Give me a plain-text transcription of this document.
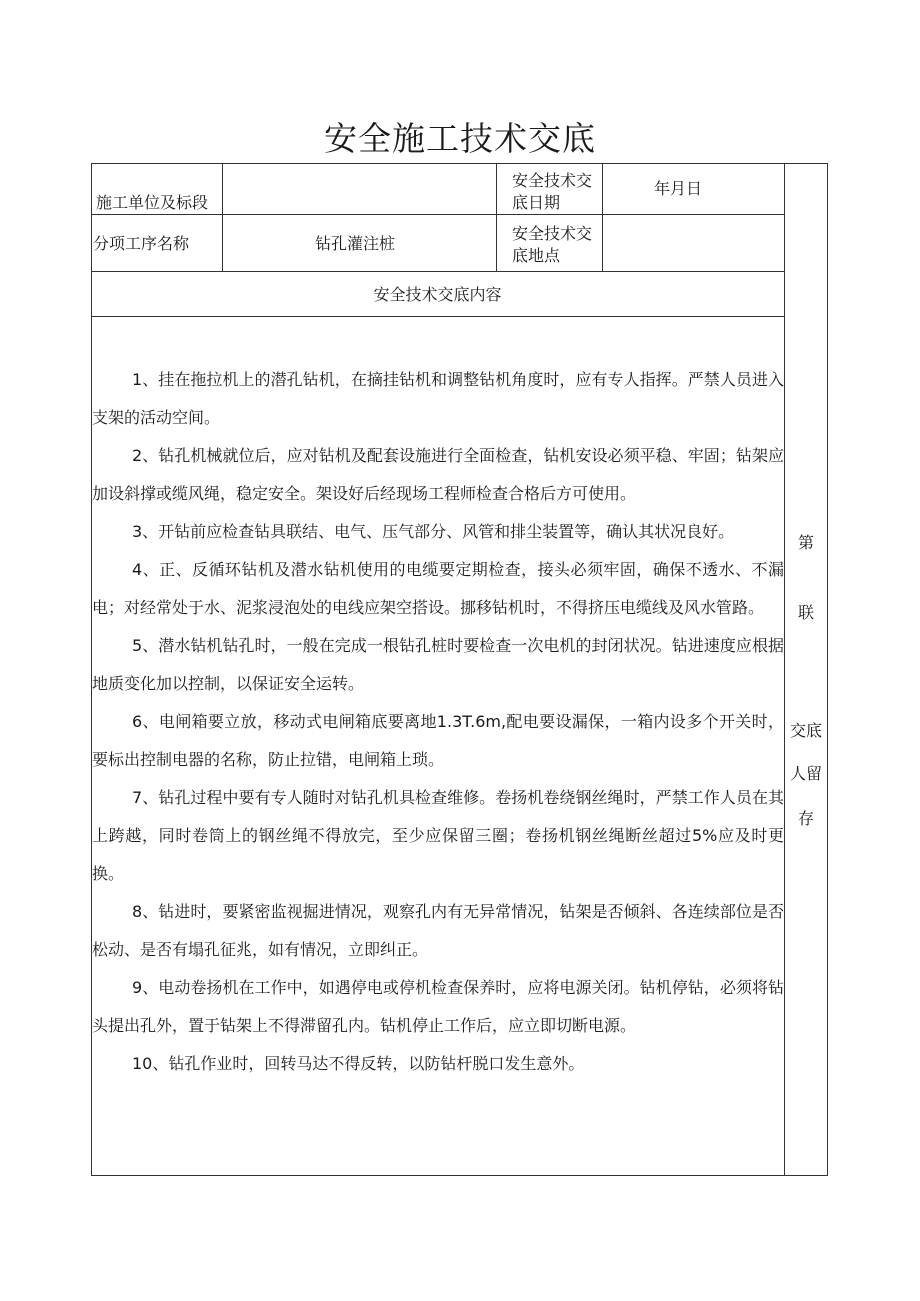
安全施工技术交底
施工单位及标段
安全技术交
底日期
年月日
分项工序名称	钻孔灌注桩
安全技术交
底地点
安全技术交底内容

1、挂在拖拉机上的潜孔钻机，在摘挂钻机和调整钻机角度时，应有专人指挥。严禁人员进入支架的活动空间。

2、钻孔机械就位后，应对钻机及配套设施进行全面检查，钻机安设必须平稳、牢固；钻架应加设斜撑或缆风绳，稳定安全。架设好后经现场工程师检查合格后方可使用。

3、开钻前应检查钻具联结、电气、压气部分、风管和排尘装置等，确认其状况良好。

4、正、反循环钻机及潜水钻机使用的电缆要定期检查，接头必须牢固，确保不透水、不漏电；对经常处于水、泥浆浸泡处的电线应架空搭设。挪移钻机时，不得挤压电缆线及风水管路。

5、潜水钻机钻孔时，一般在完成一根钻孔桩时要检查一次电机的封闭状况。钻进速度应根据地质变化加以控制，以保证安全运转。

6、电闸箱要立放，移动式电闸箱底要离地1.3T.6m,配电要设漏保，一箱内设多个开关时，要标出控制电器的名称，防止拉错，电闸箱上琐。

7、钻孔过程中要有专人随时对钻孔机具检查维修。卷扬机卷绕钢丝绳时，严禁工作人员在其上跨越，同时卷筒上的钢丝绳不得放完，至少应保留三圈；卷扬机钢丝绳断丝超过5%应及时更换。

8、钻进时，要紧密监视掘进情况，观察孔内有无异常情况，钻架是否倾斜、各连续部位是否松动、是否有塌孔征兆，如有情况，立即纠正。

9、电动卷扬机在工作中，如遇停电或停机检查保养时，应将电源关闭。钻机停钻，必须将钻头提出孔外，置于钻架上不得滞留孔内。钻机停止工作后，应立即切断电源。

10、钻孔作业时，回转马达不得反转，以防钻杆脱口发生意外。

第
联
交底
人留
存
